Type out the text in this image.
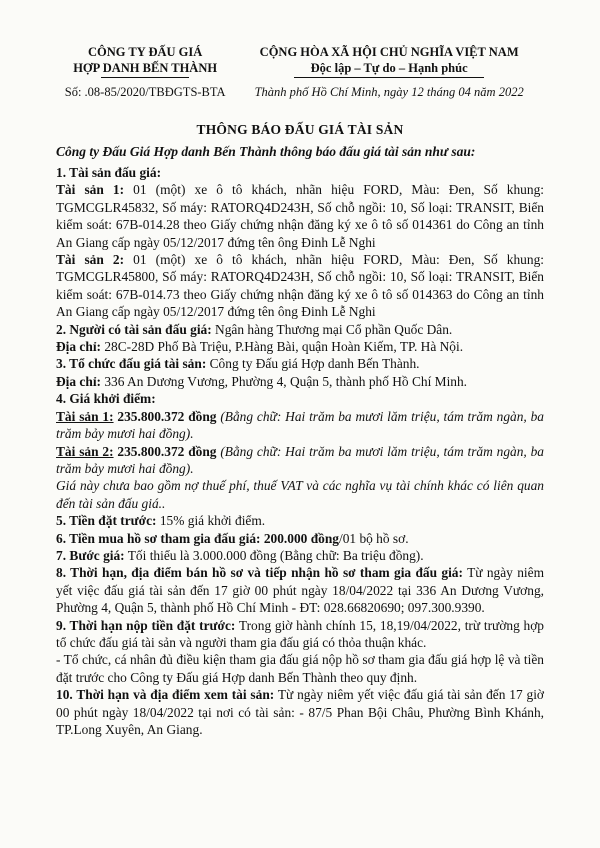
CÔNG TY ĐẤU GIÁ
HỢP DANH BẾN THÀNH
Số: .08-85/2020/TBĐGTS-BTA
CỘNG HÒA XÃ HỘI CHỦ NGHĨA VIỆT NAM
Độc lập – Tự do – Hạnh phúc
Thành phố Hồ Chí Minh, ngày 12 tháng 04 năm 2022
THÔNG BÁO ĐẤU GIÁ TÀI SẢN
Công ty Đấu Giá Hợp danh Bến Thành thông báo đấu giá tài sản như sau:

1. Tài sản đấu giá:

Tài sản 1: 01 (một) xe ô tô khách, nhãn hiệu FORD, Màu: Đen, Số khung: TGMCGLR45832, Số máy: RATORQ4D243H, Số chỗ ngồi: 10, Số loại: TRANSIT, Biển kiểm soát: 67B-014.28 theo Giấy chứng nhận đăng ký xe ô tô số 014361 do Công an tỉnh An Giang cấp ngày 05/12/2017 đứng tên ông Đinh Lễ Nghi

Tài sản 2: 01 (một) xe ô tô khách, nhãn hiệu FORD, Màu: Đen, Số khung: TGMCGLR45800, Số máy: RATORQ4D243H, Số chỗ ngồi: 10, Số loại: TRANSIT, Biển kiểm soát: 67B-014.73 theo Giấy chứng nhận đăng ký xe ô tô số 014363 do Công an tỉnh An Giang cấp ngày 05/12/2017 đứng tên ông Đinh Lễ Nghi

2. Người có tài sản đấu giá: Ngân hàng Thương mại Cổ phần Quốc Dân.

Địa chỉ: 28C-28D Phố Bà Triệu, P.Hàng Bài, quận Hoàn Kiếm, TP. Hà Nội.

3. Tổ chức đấu giá tài sản: Công ty Đấu giá Hợp danh Bến Thành.

Địa chỉ: 336 An Dương Vương, Phường 4, Quận 5, thành phố Hồ Chí Minh.

4. Giá khởi điểm:

Tài sản 1: 235.800.372 đồng (Bằng chữ: Hai trăm ba mươi lăm triệu, tám trăm ngàn, ba trăm bảy mươi hai đồng).

Tài sản 2: 235.800.372 đồng (Bằng chữ: Hai trăm ba mươi lăm triệu, tám trăm ngàn, ba trăm bảy mươi hai đồng).

Giá này chưa bao gồm nợ thuế phí, thuế VAT và các nghĩa vụ tài chính khác có liên quan đến tài sản đấu giá..

5. Tiền đặt trước: 15% giá khởi điểm.

6. Tiền mua hồ sơ tham gia đấu giá: 200.000 đồng/01 bộ hồ sơ.

7. Bước giá: Tối thiểu là 3.000.000 đồng (Bằng chữ: Ba triệu đồng).

8. Thời hạn, địa điểm bán hồ sơ và tiếp nhận hồ sơ tham gia đấu giá: Từ ngày niêm yết việc đấu giá tài sản đến 17 giờ 00 phút ngày 18/04/2022 tại 336 An Dương Vương, Phường 4, Quận 5, thành phố Hồ Chí Minh - ĐT: 028.66820690; 097.300.9390.

9. Thời hạn nộp tiền đặt trước: Trong giờ hành chính 15, 18,19/04/2022, trừ trường hợp tổ chức đấu giá tài sản và người tham gia đấu giá có thỏa thuận khác.

- Tổ chức, cá nhân đủ điều kiện tham gia đấu giá nộp hồ sơ tham gia đấu giá hợp lệ và tiền đặt trước cho Công ty Đấu giá Hợp danh Bến Thành theo quy định.

10. Thời hạn và địa điểm xem tài sản: Từ ngày niêm yết việc đấu giá tài sản đến 17 giờ 00 phút ngày 18/04/2022 tại nơi có tài sản: - 87/5 Phan Bội Châu, Phường Bình Khánh, TP.Long Xuyên, An Giang.
